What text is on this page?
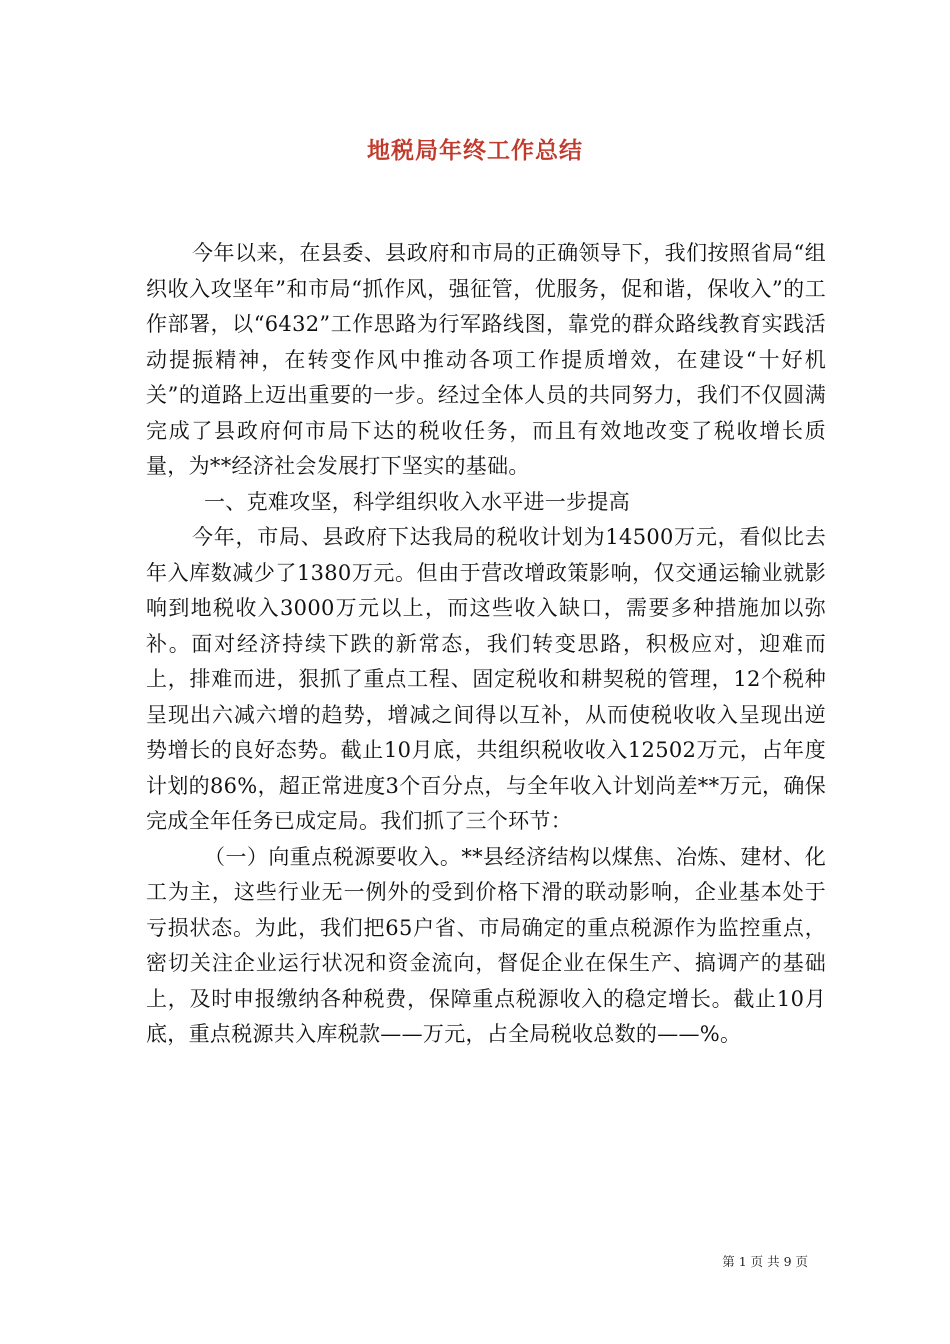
地税局年终工作总结

今年以来，在县委、县政府和市局的正确领导下，我们按照省局“组织收入攻坚年”和市局“抓作风，强征管，优服务，促和谐，保收入”的工作部署，以“6432”工作思路为行军路线图，靠党的群众路线教育实践活动提振精神，在转变作风中推动各项工作提质增效，在建设“十好机关”的道路上迈出重要的一步。经过全体人员的共同努力，我们不仅圆满完成了县政府何市局下达的税收任务，而且有效地改变了税收增长质量，为**经济社会发展打下坚实的基础。

一、克难攻坚，科学组织收入水平进一步提高

今年，市局、县政府下达我局的税收计划为14500万元，看似比去年入库数减少了1380万元。但由于营改增政策影响，仅交通运输业就影响到地税收入3000万元以上，而这些收入缺口，需要多种措施加以弥补。面对经济持续下跌的新常态，我们转变思路，积极应对，迎难而上，排难而进，狠抓了重点工程、固定税收和耕契税的管理，12个税种呈现出六减六增的趋势，增减之间得以互补，从而使税收收入呈现出逆势增长的良好态势。截止10月底，共组织税收收入12502万元，占年度计划的86%，超正常进度3个百分点，与全年收入计划尚差**万元，确保完成全年任务已成定局。我们抓了三个环节：

（一）向重点税源要收入。**县经济结构以煤焦、冶炼、建材、化工为主，这些行业无一例外的受到价格下滑的联动影响，企业基本处于亏损状态。为此，我们把65户省、市局确定的重点税源作为监控重点，密切关注企业运行状况和资金流向，督促企业在保生产、搞调产的基础上，及时申报缴纳各种税费，保障重点税源收入的稳定增长。截止10月底，重点税源共入库税款——万元，占全局税收总数的——%。

第 1 页 共 9 页
